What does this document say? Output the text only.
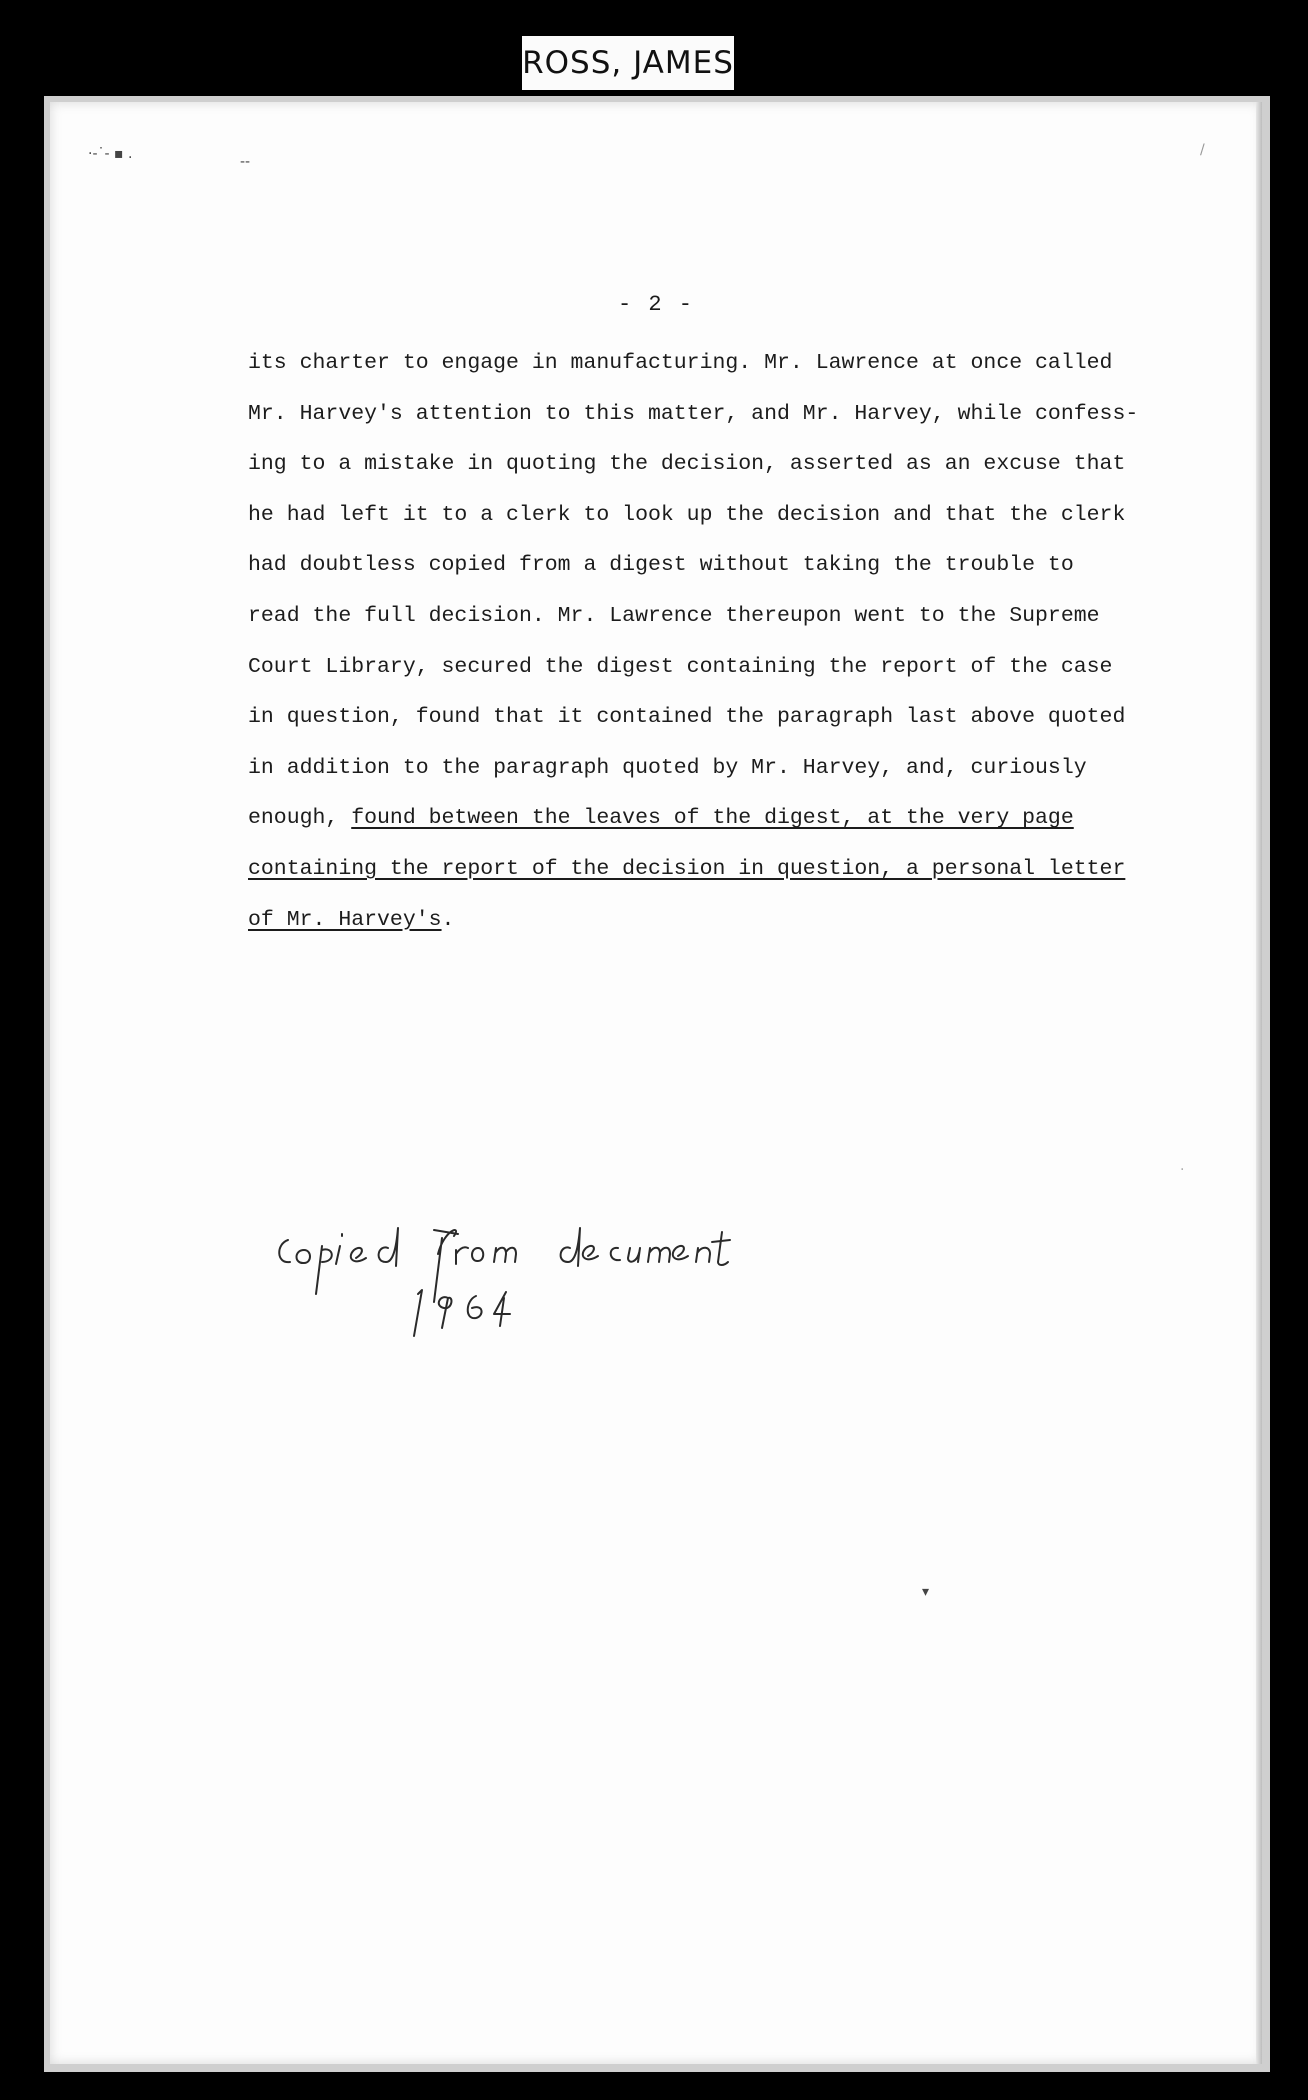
ROSS, JAMES
·-˙- ▪ .	--
/
- 2 -
its charter to engage in manufacturing. Mr. Lawrence at once called
Mr. Harvey's attention to this matter, and Mr. Harvey, while confess-
ing to a mistake in quoting the decision, asserted as an excuse that
he had left it to a clerk to look up the decision and that the clerk
had doubtless copied from a digest without taking the trouble to
read the full decision. Mr. Lawrence thereupon went to the Supreme
Court Library, secured the digest containing the report of the case
in question, found that it contained the paragraph last above quoted
in addition to the paragraph quoted by Mr. Harvey, and, curiously
enough, found between the leaves of the digest, at the very page
containing the report of the decision in question, a personal letter
of Mr. Harvey's.
Copied from document
1964
▾
·
